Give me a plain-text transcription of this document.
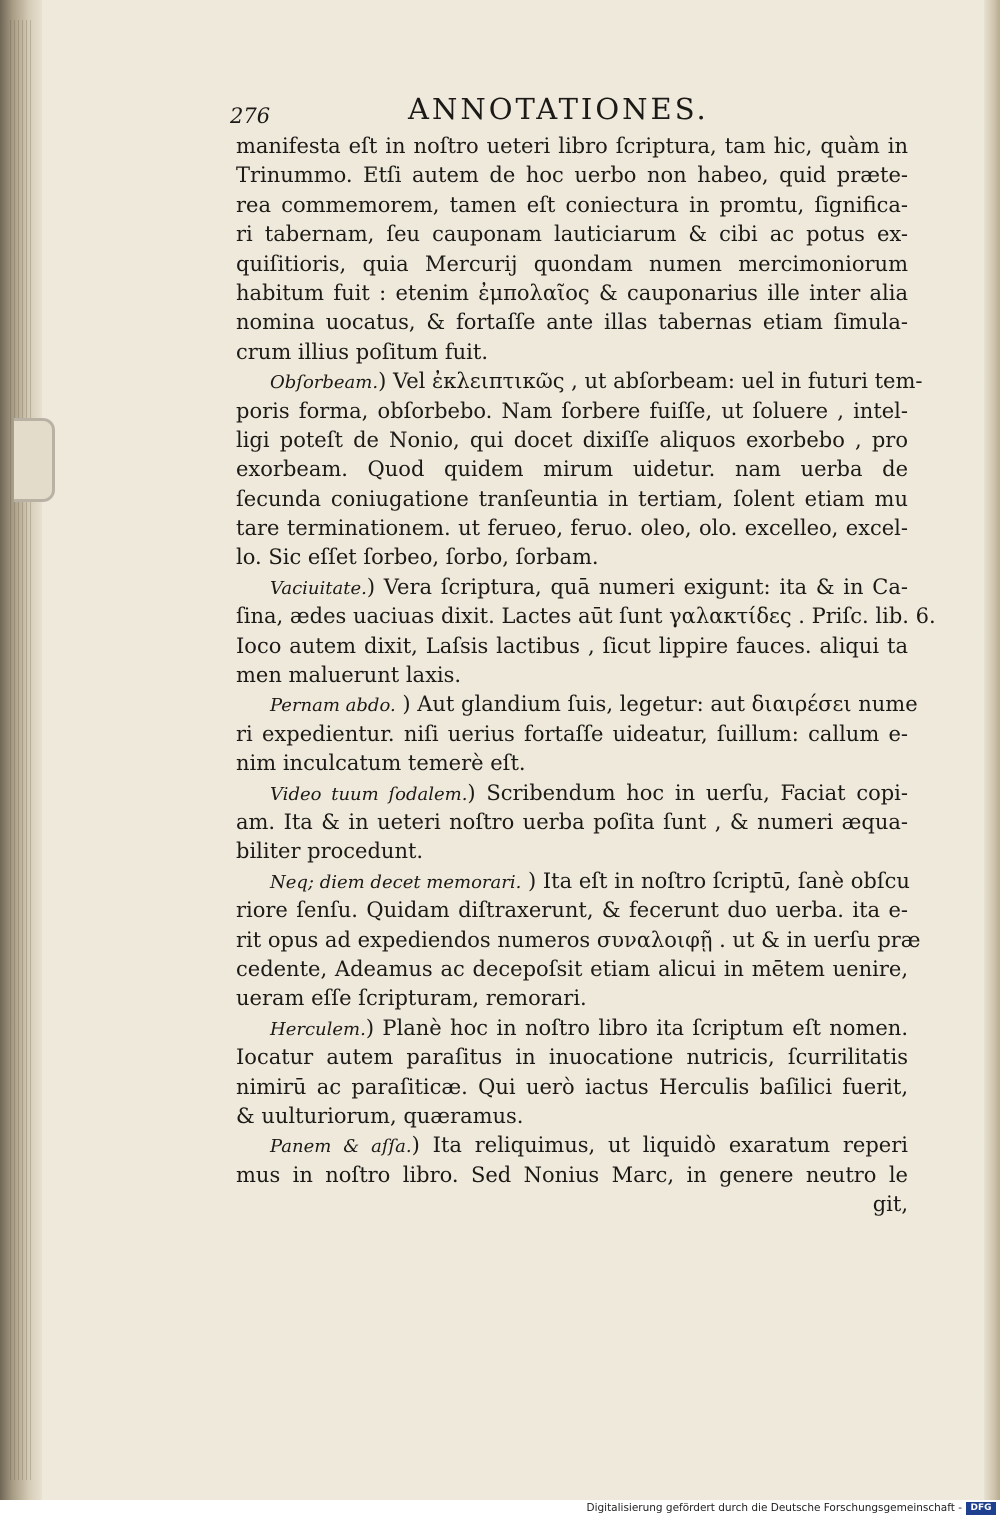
276	ANNOTATIONES.
manifesta eſt in noſtro ueteri libro ſcriptura, tam hic, quàm in
Trinummo. Etſi autem de hoc uerbo non habeo, quid præte-
rea commemorem, tamen eſt coniectura in promtu, ſignifica-
ri tabernam, ſeu cauponam lauticiarum & cibi ac potus ex-
quiſitioris, quia Mercurij quondam numen mercimoniorum
habitum fuit : etenim ἐμπολαῖος & cauponarius ille inter alia
nomina uocatus, & fortaſſe ante illas tabernas etiam ſimula-
crum illius poſitum fuit.
Obſorbeam.) Vel ἐκλειπτικῶς , ut abſorbeam: uel in futuri tem-
poris forma, obſorbebo. Nam ſorbere fuiſſe, ut ſoluere , intel-
ligi poteſt de Nonio, qui docet dixiſſe aliquos exorbebo , pro
exorbeam. Quod quidem mirum uidetur. nam uerba de
ſecunda coniugatione tranſeuntia in tertiam, ſolent etiam mu
tare terminationem. ut ferueo, feruo. oleo, olo. excelleo, excel-
lo. Sic eſſet ſorbeo, ſorbo, ſorbam.
Vaciuitate.) Vera ſcriptura, quā numeri exigunt: ita & in Ca-
ſina, ædes uaciuas dixit. Lactes aūt ſunt γαλακτίδες . Priſc. lib. 6.
Ioco autem dixit, Laſsis lactibus , ſicut lippire fauces. aliqui ta
men maluerunt laxis.
Pernam abdo. ) Aut glandium ſuis, legetur: aut διαιρέσει nume
ri expedientur. niſi uerius fortaſſe uideatur, ſuillum: callum e-
nim inculcatum temerè eſt.
Video tuum ſodalem.) Scribendum hoc in uerſu, Faciat copi-
am. Ita & in ueteri noſtro uerba poſita ſunt , & numeri æqua-
biliter procedunt.
Neq; diem decet memorari. ) Ita eſt in noſtro ſcriptū, ſanè obſcu
riore ſenſu. Quidam diſtraxerunt, & fecerunt duo uerba. ita e-
rit opus ad expediendos numeros συναλοιφῇ . ut & in uerſu præ
cedente, Adeamus ac decepoſsit etiam alicui in mētem uenire,
ueram eſſe ſcripturam, remorari.
Herculem.) Planè hoc in noſtro libro ita ſcriptum eſt nomen.
Iocatur autem paraſitus in inuocatione nutricis, ſcurrilitatis
nimirū ac paraſiticæ. Qui uerò iactus Herculis baſilici fuerit,
& uulturiorum, quæramus.
Panem & aſſa.) Ita reliquimus, ut liquidò exaratum reperi
mus in noſtro libro. Sed Nonius Marc, in genere neutro le
git,
Digitalisierung gefördert durch die Deutsche Forschungsgemeinschaft - DFG
